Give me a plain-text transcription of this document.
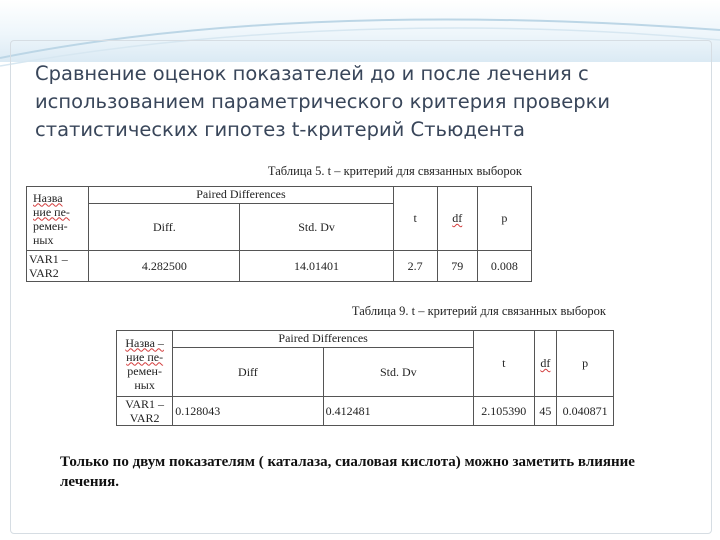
Сравнение оценок показателей до и после лечения с использованием параметрического критерия проверки статистических гипотез t-критерий Стьюдента
Таблица 5. t – критерий для связанных выборок
Назва
ние пе-
ремен-
ных	Paired Differences		t	df	p
	Diff.	Std. Dv			

VAR1 –
VAR2	4.282500	14.01401	2.7	79	0.008
Таблица 9. t – критерий для связанных выборок
Назва –
ние пе-
ремен-
ных	Paired Differences		t	df	p
	Diff	Std. Dv			

VAR1 –
VAR2	0.128043	0.412481	2.105390	45	0.040871
Только по двум показателям ( каталаза, сиаловая кислота) можно заметить влияние лечения.
